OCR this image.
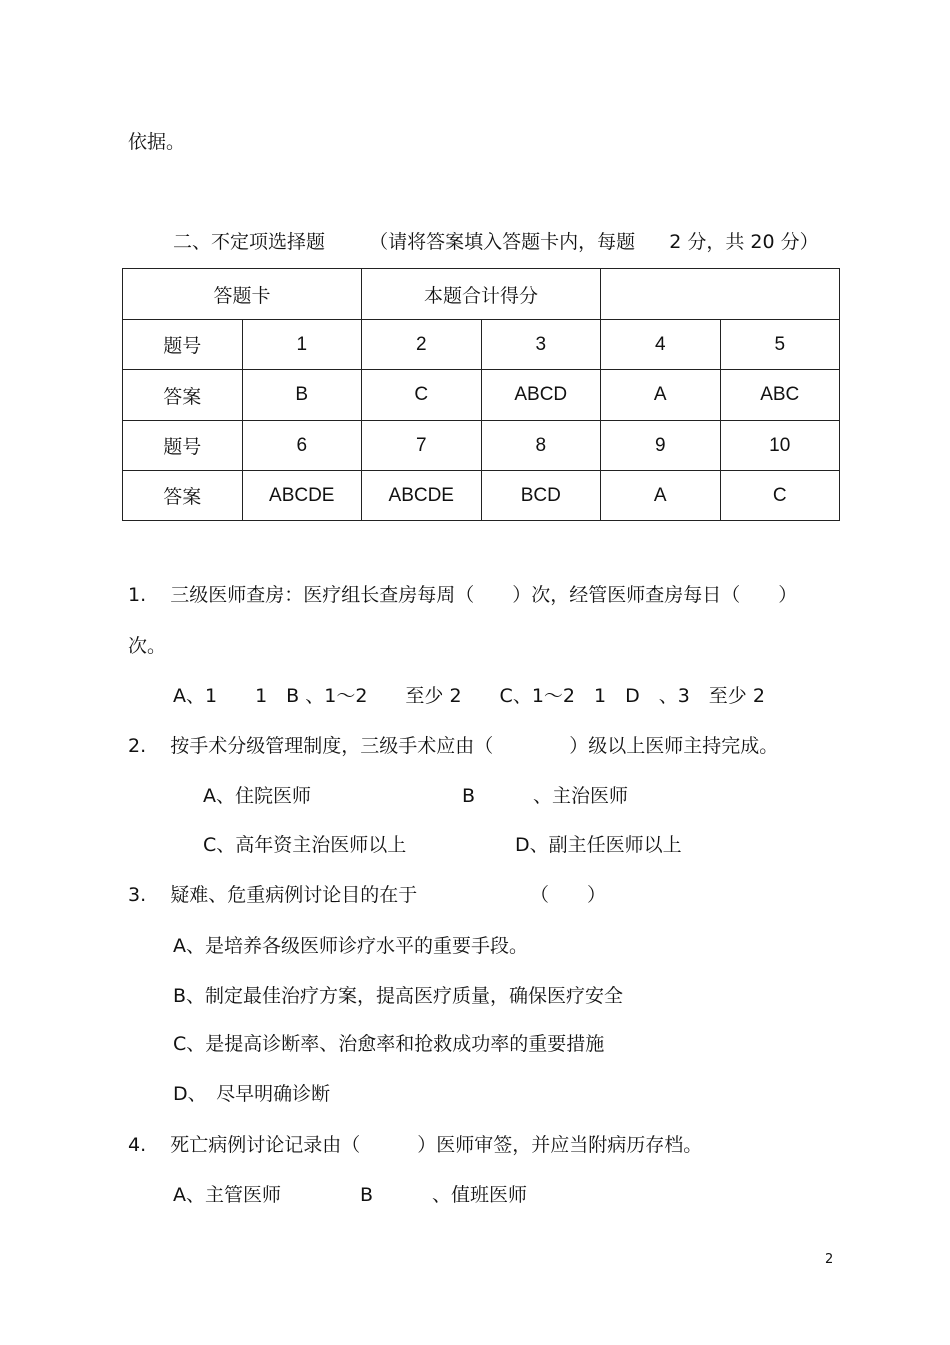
依据。
二、不定项选择题 （请将答案填入答题卡内，每题 2 分，共 20 分）
答题卡		本题合计得分			
题号	1	2	3	4	5
答案	B	C	ABCD	A	ABC
题号	6	7	8	9	10
答案	ABCDE	ABCDE	BCD	A	C
1. 三级医师查房：医疗组长查房每周（　　）次，经管医师查房每日（　　）
次。
A、1　　1　B 、1～2　　至少 2　　C、1～2　1　D　、3　至少 2
2. 按手术分级管理制度，三级手术应由（　　　　）级以上医师主持完成。
A、住院医师	B	、主治医师
C、高年资主治医师以上	D、副主任医师以上
3. 疑难、危重病例讨论目的在于	（　　）
A、是培养各级医师诊疗水平的重要手段。
B、制定最佳治疗方案，提高医疗质量，确保医疗安全
C、是提高诊断率、治愈率和抢救成功率的重要措施
D、　尽早明确诊断
4. 死亡病例讨论记录由（　　　）医师审签，并应当附病历存档。
A、主管医师	B	、值班医师
2
